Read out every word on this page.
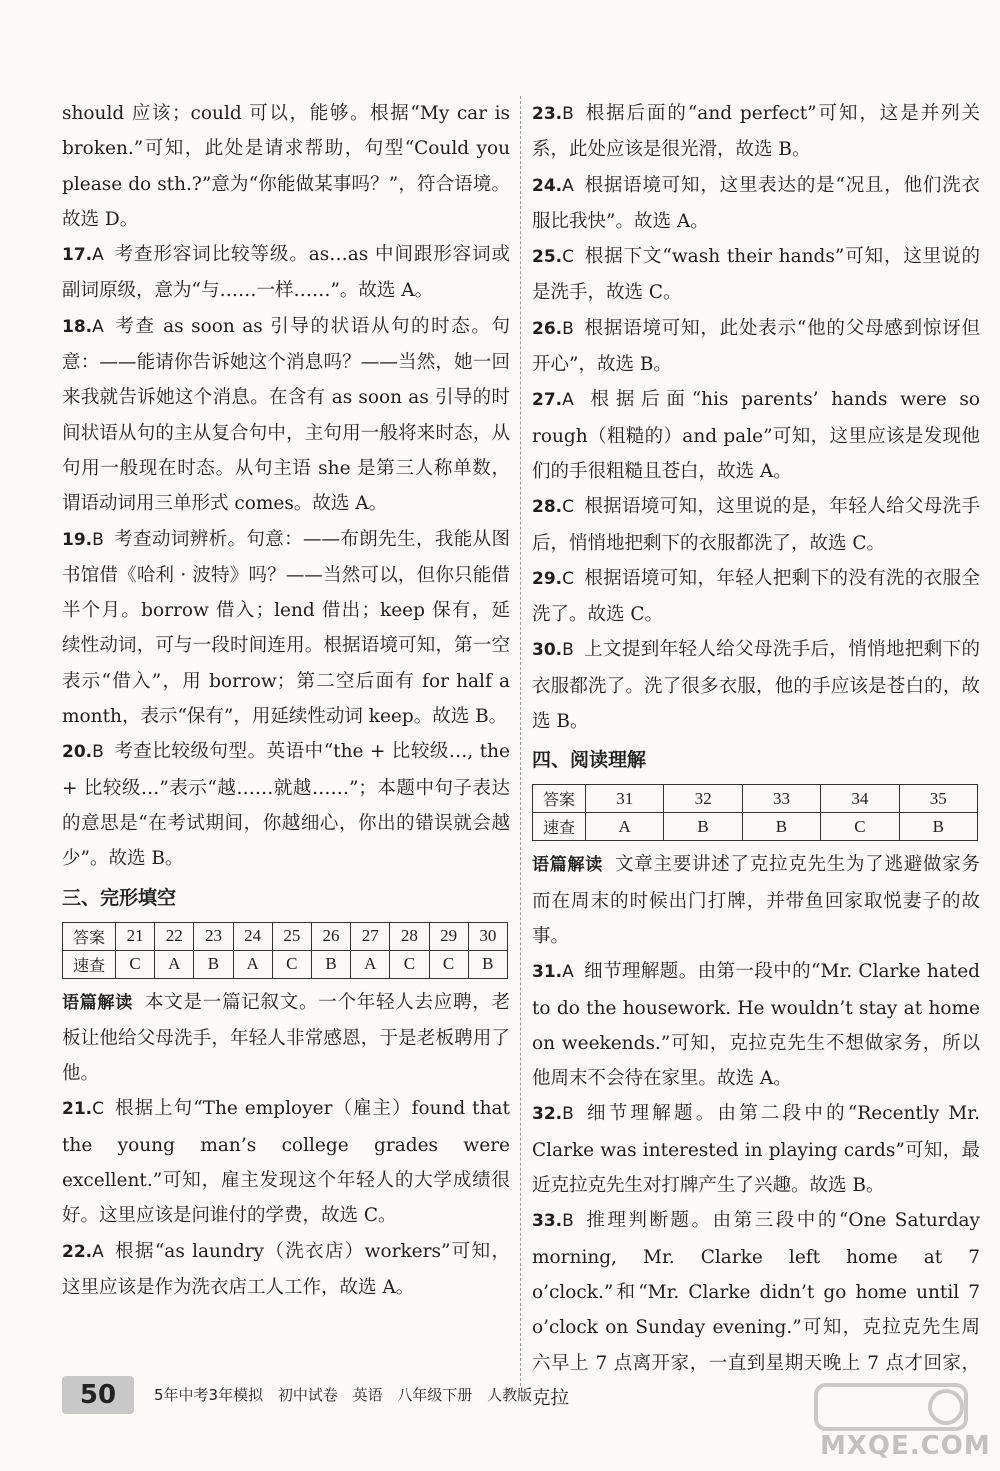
should 应该；could 可以，能够。根据“My car is broken.”可知，此处是请求帮助，句型“Could you please do sth.?”意为“你能做某事吗？”，符合语境。故选 D。

17.A 考查形容词比较等级。as…as 中间跟形容词或副词原级，意为“与……一样……”。故选 A。

18.A 考查 as soon as 引导的状语从句的时态。句意：——能请你告诉她这个消息吗？——当然，她一回来我就告诉她这个消息。在含有 as soon as 引导的时间状语从句的主从复合句中，主句用一般将来时态，从句用一般现在时态。从句主语 she 是第三人称单数，谓语动词用三单形式 comes。故选 A。

19.B 考查动词辨析。句意：——布朗先生，我能从图书馆借《哈利 · 波特》吗？——当然可以，但你只能借半个月。borrow 借入；lend 借出；keep 保有，延续性动词，可与一段时间连用。根据语境可知，第一空表示“借入”，用 borrow；第二空后面有 for half a month，表示“保有”，用延续性动词 keep。故选 B。

20.B 考查比较级句型。英语中“the + 比较级…, the + 比较级…”表示“越……就越……”；本题中句子表达的意思是“在考试期间，你越细心，你出的错误就会越少”。故选 B。

三、完形填空
答案	21	22	23	24	25	26	27	28	29	30
速查	C	A	B	A	C	B	A	C	C	B

语篇解读 本文是一篇记叙文。一个年轻人去应聘，老板让他给父母洗手，年轻人非常感恩，于是老板聘用了他。

21.C 根据上句“The employer（雇主）found that the young man’s college grades were excellent.”可知，雇主发现这个年轻人的大学成绩很好。这里应该是问谁付的学费，故选 C。

22.A 根据“as laundry（洗衣店）workers”可知，这里应该是作为洗衣店工人工作，故选 A。

23.B 根据后面的“and perfect”可知，这是并列关系，此处应该是很光滑，故选 B。

24.A 根据语境可知，这里表达的是“况且，他们洗衣服比我快”。故选 A。

25.C 根据下文“wash their hands”可知，这里说的是洗手，故选 C。

26.B 根据语境可知，此处表示“他的父母感到惊讶但开心”，故选 B。

27.A 根据后面“his parents’ hands were so rough（粗糙的）and pale”可知，这里应该是发现他们的手很粗糙且苍白，故选 A。

28.C 根据语境可知，这里说的是，年轻人给父母洗手后，悄悄地把剩下的衣服都洗了，故选 C。

29.C 根据语境可知，年轻人把剩下的没有洗的衣服全洗了。故选 C。

30.B 上文提到年轻人给父母洗手后，悄悄地把剩下的衣服都洗了。洗了很多衣服，他的手应该是苍白的，故选 B。

四、阅读理解
答案	31	32	33	34	35
速查	A	B	B	C	B

语篇解读 文章主要讲述了克拉克先生为了逃避做家务而在周末的时候出门打牌，并带鱼回家取悦妻子的故事。

31.A 细节理解题。由第一段中的“Mr. Clarke hated to do the housework. He wouldn’t stay at home on weekends.”可知，克拉克先生不想做家务，所以他周末不会待在家里。故选 A。

32.B 细节理解题。由第二段中的“Recently Mr. Clarke was interested in playing cards”可知，最近克拉克先生对打牌产生了兴趣。故选 B。

33.B 推理判断题。由第三段中的“One Saturday morning, Mr. Clarke left home at 7 o’clock.”和“Mr. Clarke didn’t go home until 7 o’clock on Sunday evening.”可知，克拉克先生周六早上 7 点离开家，一直到星期天晚上 7 点才回家，克拉

50	5年中考3年模拟 初中试卷 英语 八年级下册 人教版
MXQE.COM
